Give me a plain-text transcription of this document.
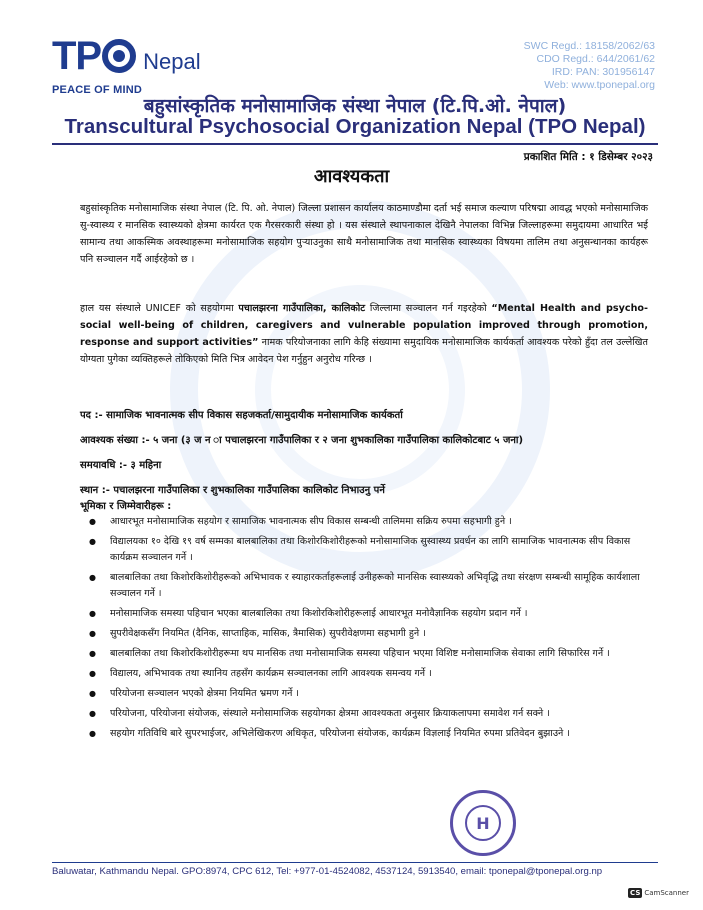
TP Nepal
PEACE OF MIND
SWC Regd.: 18158/2062/63
CDO Regd.: 644/2061/62
IRD: PAN: 301956147
Web: www.tponepal.org
बहुसांस्कृतिक मनोसामाजिक संस्था नेपाल (टि.पि.ओ. नेपाल)
Transcultural Psychosocial Organization Nepal (TPO Nepal)
प्रकाशित मिति : १ डिसेम्बर २०२३
आवश्यकता
बहुसांस्कृतिक मनोसामाजिक संस्था नेपाल (टि. पि. ओ. नेपाल) जिल्ला प्रशासन कार्यालय काठमाण्डौमा दर्ता भई समाज कल्याण परिषद्मा आवद्ध भएको मनोसामाजिक सु-स्वास्थ्य र मानसिक स्वास्थ्यको क्षेत्रमा कार्यरत एक गैरसरकारी संस्था हो । यस संस्थाले स्थापनाकाल देखिनै नेपालका विभिन्न जिल्लाहरूमा समुदायमा आधारित भई सामान्य तथा आकस्मिक अवस्थाहरूमा मनोसामाजिक सहयोग पुऱ्याउनुका साथै मनोसामाजिक तथा मानसिक स्वास्थ्यका विषयमा तालिम तथा अनुसन्धानका कार्यहरू पनि सञ्चालन गर्दै आईरहेको छ ।
हाल यस संस्थाले UNICEF को सहयोगमा पचालझरना गाउँपालिका, कालिकोट जिल्लामा सञ्चालन गर्न गइरहेको “Mental Health and psycho-social well-being of children, caregivers and vulnerable population improved through promotion, response and support activities” नामक परियोजनाका लागि केहि संख्यामा समुदायिक मनोसामाजिक कार्यकर्ता आवश्यक परेको हुँदा तल उल्लेखित योग्यता पुगेका व्यक्तिहरूले तोकिएको मिति भित्र आवेदन पेश गर्नुहुन अनुरोध गरिन्छ ।
पद :- सामाजिक भावनात्मक सीप विकास सहजकर्ता/सामुदायीक मनोसामाजिक कार्यकर्ता
आवश्यक संख्या :- ५ जना (३ ज न ा पचालझरना गाउँपालिका र २ जना शुभकालिका गाउँपालिका कालिकोटबाट ५ जना)
समयावधि :- ३ महिना
स्थान :- पचालझरना गाउँपालिका र शुभकालिका गाउँपालिका कालिकोट निभाउनु पर्ने
भूमिका र जिम्मेवारीहरू :
● आधारभूत मनोसामाजिक सहयोग र सामाजिक भावनात्मक सीप विकास सम्बन्धी तालिममा सक्रिय रुपमा सहभागी हुने ।
● विद्यालयका १० देखि १९ वर्ष सम्मका बालबालिका तथा किशोरकिशोरीहरूको मनोसामाजिक सुस्वास्थ्य प्रवर्धन का लागि सामाजिक भावनात्मक सीप विकास कार्यक्रम सञ्चालन गर्ने ।
● बालबालिका तथा किशोरकिशोरीहरूको अभिभावक र स्याहारकर्ताहरूलाई उनीहरूको मानसिक स्वास्थ्यको अभिवृद्धि तथा संरक्षण सम्बन्धी सामूहिक कार्यशाला सञ्चालन गर्ने ।
● मनोसामाजिक समस्या पहिचान भएका बालबालिका तथा किशोरकिशोरीहरूलाई आधारभूत मनोवैज्ञानिक सहयोग प्रदान गर्ने ।
● सुपरीवेक्षकसँग नियमित (दैनिक, साप्ताहिक, मासिक, त्रैमासिक) सुपरीवेक्षणमा सहभागी हुने ।
● बालबालिका तथा किशोरकिशोरीहरूमा थप मानसिक तथा मनोसामाजिक समस्या पहिचान भएमा विशिष्ट मनोसामाजिक सेवाका लागि सिफारिस गर्ने ।
● विद्यालय, अभिभावक तथा स्थानिय तहसँग कार्यक्रम सञ्चालनका लागि आवश्यक समन्वय गर्ने ।
● परियोजना सञ्चालन भएको क्षेत्रमा नियमित भ्रमण गर्ने ।
● परियोजना, परियोजना संयोजक, संस्थाले मनोसामाजिक सहयोगका क्षेत्रमा आवश्यकता अनुसार क्रियाकलापमा समावेश गर्न सक्ने ।
● सहयोग गतिविधि बारे सुपरभाईजर, अभिलेखिकरण अधिकृत, परियोजना संयोजक, कार्यक्रम विज्ञलाई नियमित रुपमा प्रतिवेदन बुझाउने ।
H
Baluwatar, Kathmandu Nepal. GPO:8974, CPC 612, Tel: +977-01-4524082, 4537124, 5913540, email: tponepal@tponepal.org.np
CS CamScanner
